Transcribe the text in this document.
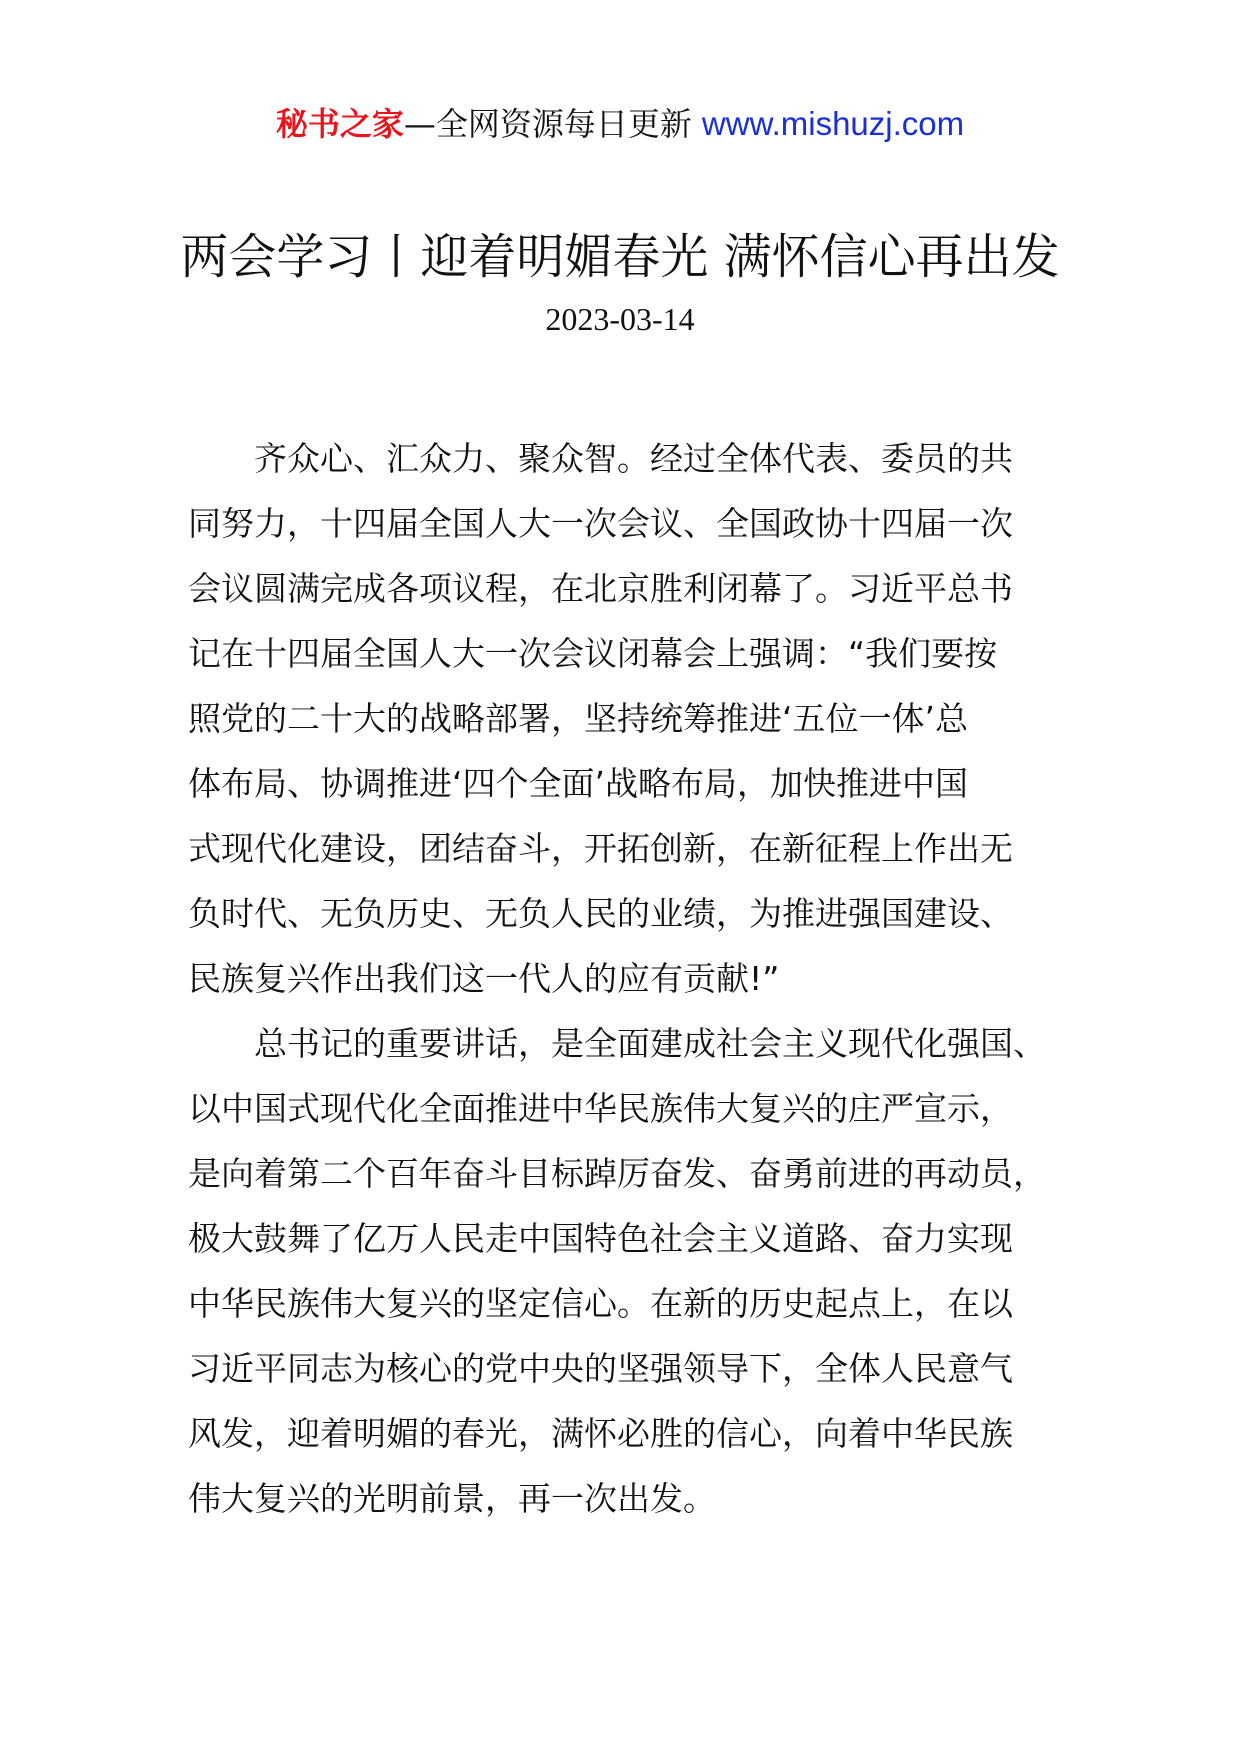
秘书之家—全网资源每日更新 www.mishuzj.com
两会学习丨迎着明媚春光 满怀信心再出发
2023-03-14

齐众心、汇众力、聚众智。经过全体代表、委员的共
同努力，十四届全国人大一次会议、全国政协十四届一次
会议圆满完成各项议程，在北京胜利闭幕了。习近平总书
记在十四届全国人大一次会议闭幕会上强调：“我们要按
照党的二十大的战略部署，坚持统筹推进‘五位一体’总
体布局、协调推进‘四个全面’战略布局，加快推进中国
式现代化建设，团结奋斗，开拓创新，在新征程上作出无
负时代、无负历史、无负人民的业绩，为推进强国建设、
民族复兴作出我们这一代人的应有贡献!”

总书记的重要讲话，是全面建成社会主义现代化强国、
以中国式现代化全面推进中华民族伟大复兴的庄严宣示，
是向着第二个百年奋斗目标踔厉奋发、奋勇前进的再动员，
极大鼓舞了亿万人民走中国特色社会主义道路、奋力实现
中华民族伟大复兴的坚定信心。在新的历史起点上，在以
习近平同志为核心的党中央的坚强领导下，全体人民意气
风发，迎着明媚的春光，满怀必胜的信心，向着中华民族
伟大复兴的光明前景，再一次出发。
